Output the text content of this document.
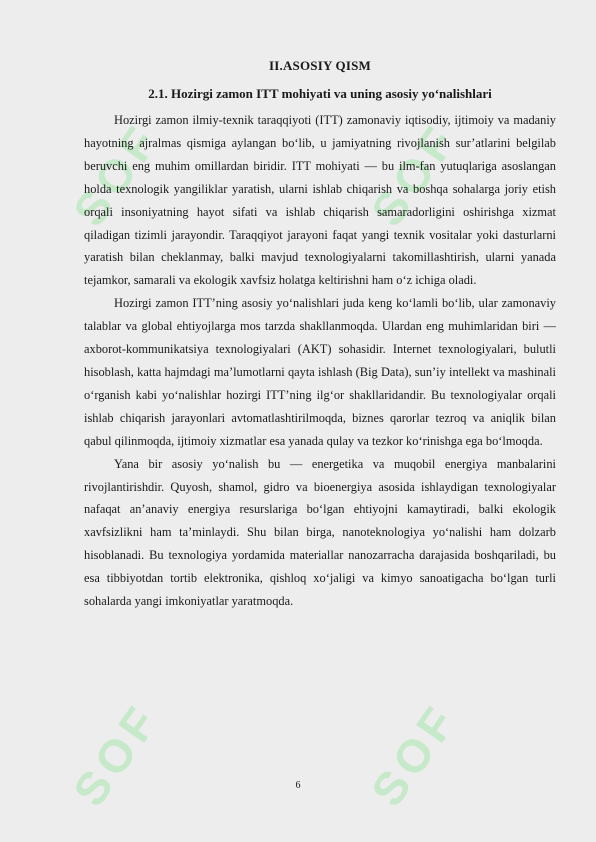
SOF	SOF
SOF	SOF
II.ASOSIY QISM
2.1. Hozirgi zamon ITT mohiyati va uning asosiy yo‘nalishlari

Hozirgi zamon ilmiy-texnik taraqqiyoti (ITT) zamonaviy iqtisodiy, ijtimoiy va madaniy hayotning ajralmas qismiga aylangan bo‘lib, u jamiyatning rivojlanish sur’atlarini belgilab beruvchi eng muhim omillardan biridir. ITT mohiyati — bu ilm-fan yutuqlariga asoslangan holda texnologik yangiliklar yaratish, ularni ishlab chiqarish va boshqa sohalarga joriy etish orqali insoniyatning hayot sifati va ishlab chiqarish samaradorligini oshirishga xizmat qiladigan tizimli jarayondir. Taraqqiyot jarayoni faqat yangi texnik vositalar yoki dasturlarni yaratish bilan cheklanmay, balki mavjud texnologiyalarni takomillashtirish, ularni yanada tejamkor, samarali va ekologik xavfsiz holatga keltirishni ham o‘z ichiga oladi.

Hozirgi zamon ITT’ning asosiy yo‘nalishlari juda keng ko‘lamli bo‘lib, ular zamonaviy talablar va global ehtiyojlarga mos tarzda shakllanmoqda. Ulardan eng muhimlaridan biri — axborot-kommunikatsiya texnologiyalari (AKT) sohasidir. Internet texnologiyalari, bulutli hisoblash, katta hajmdagi ma’lumotlarni qayta ishlash (Big Data), sun’iy intellekt va mashinali o‘rganish kabi yo‘nalishlar hozirgi ITT’ning ilg‘or shakllaridandir. Bu texnologiyalar orqali ishlab chiqarish jarayonlari avtomatlashtirilmoqda, biznes qarorlar tezroq va aniqlik bilan qabul qilinmoqda, ijtimoiy xizmatlar esa yanada qulay va tezkor ko‘rinishga ega bo‘lmoqda.

Yana bir asosiy yo‘nalish bu — energetika va muqobil energiya manbalarini rivojlantirishdir. Quyosh, shamol, gidro va bioenergiya asosida ishlaydigan texnologiyalar nafaqat an’anaviy energiya resurslariga bo‘lgan ehtiyojni kamaytiradi, balki ekologik xavfsizlikni ham ta’minlaydi. Shu bilan birga, nanoteknologiya yo‘nalishi ham dolzarb hisoblanadi. Bu texnologiya yordamida materiallar nanozarracha darajasida boshqariladi, bu esa tibbiyotdan tortib elektronika, qishloq xo‘jaligi va kimyo sanoatigacha bo‘lgan turli sohalarda yangi imkoniyatlar yaratmoqda.

6
